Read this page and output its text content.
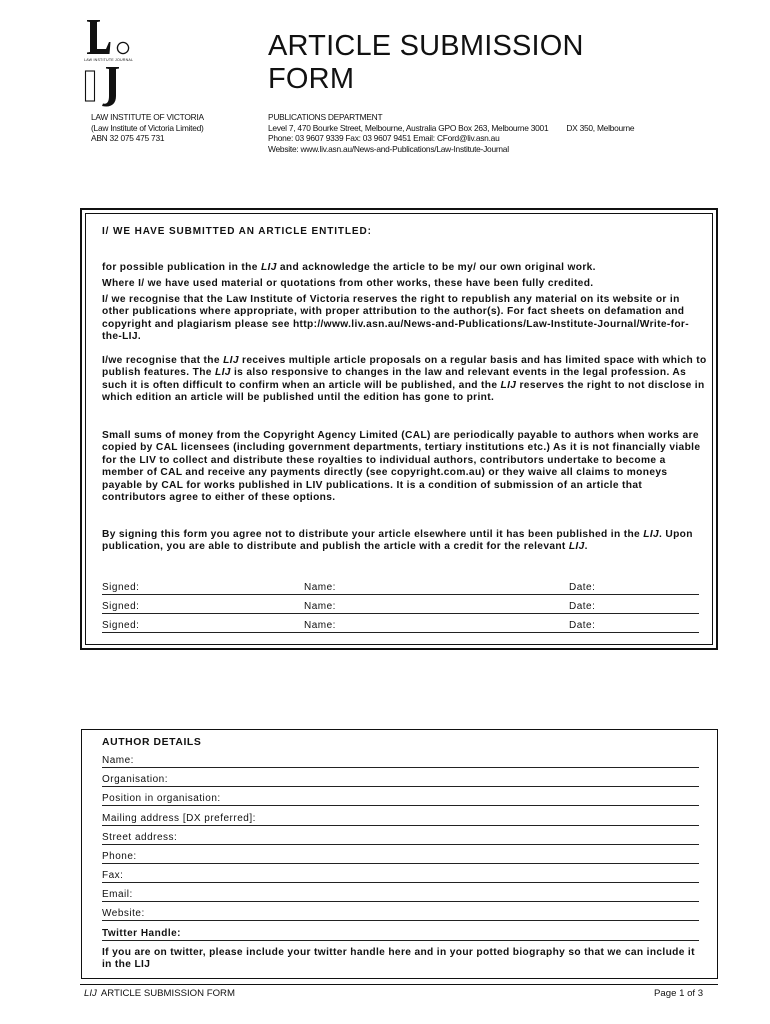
LAW INSTITUTE JOURNAL	ARTICLE SUBMISSION
FORM
LAW INSTITUTE OF VICTORIA
(Law Institute of Victoria Limited)
ABN 32 075 475 731
PUBLICATIONS DEPARTMENT
Level 7, 470 Bourke Street, Melbourne, Australia GPO Box 263, Melbourne 3001 DX 350, Melbourne
Phone: 03 9607 9339 Fax: 03 9607 9451 Email: CFord@liv.asn.au
Website: www.liv.asn.au/News-and-Publications/Law-Institute-Journal
I/ WE HAVE SUBMITTED AN ARTICLE ENTITLED:
for possible publication in the LIJ and acknowledge the article to be my/ our own original work.
Where I/ we have used material or quotations from other works, these have been fully credited.
I/ we recognise that the Law Institute of Victoria reserves the right to republish any material on its website or in other publications where appropriate, with proper attribution to the author(s). For fact sheets on defamation and copyright and plagiarism please see http://www.liv.asn.au/News-and-Publications/Law-Institute-Journal/Write-for-the-LIJ.
I/we recognise that the LIJ receives multiple article proposals on a regular basis and has limited space with which to publish features. The LIJ is also responsive to changes in the law and relevant events in the legal profession. As such it is often difficult to confirm when an article will be published, and the LIJ reserves the right to not disclose in which edition an article will be published until the edition has gone to print.
Small sums of money from the Copyright Agency Limited (CAL) are periodically payable to authors when works are copied by CAL licensees (including government departments, tertiary institutions etc.) As it is not financially viable for the LIV to collect and distribute these royalties to individual authors, contributors undertake to become a member of CAL and receive any payments directly (see copyright.com.au) or they waive all claims to moneys payable by CAL for works published in LIV publications. It is a condition of submission of an article that contributors agree to either of these options.
By signing this form you agree not to distribute your article elsewhere until it has been published in the LIJ. Upon publication, you are able to distribute and publish the article with a credit for the relevant LIJ.
Signed:	Name:	Date:
Signed:	Name:	Date:
Signed:	Name:	Date:
AUTHOR DETAILS
Name:
Organisation:
Position in organisation:
Mailing address [DX preferred]:
Street address:
Phone:
Fax:
Email:
Website:
Twitter Handle:
If you are on twitter, please include your twitter handle here and in your potted biography so that we can include it in the LIJ
LIJ ARTICLE SUBMISSION FORM	Page 1 of 3
